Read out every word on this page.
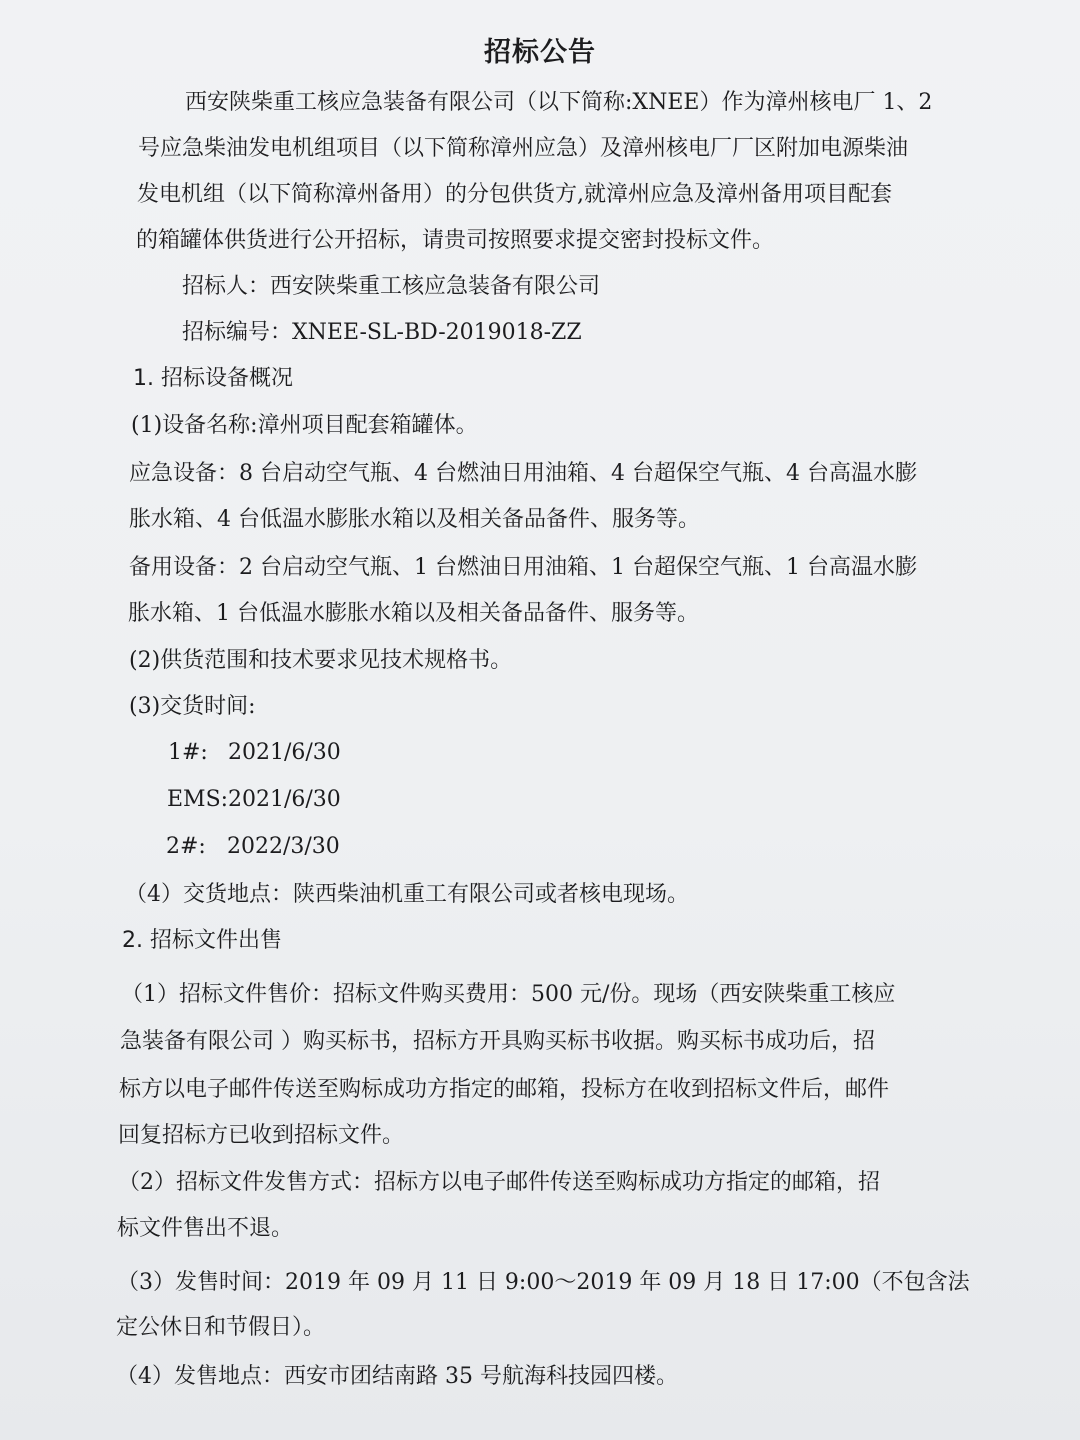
招标公告
西安陕柴重工核应急装备有限公司（以下简称:XNEE）作为漳州核电厂 1、2
号应急柴油发电机组项目（以下简称漳州应急）及漳州核电厂厂区附加电源柴油
发电机组（以下简称漳州备用）的分包供货方,就漳州应急及漳州备用项目配套
的箱罐体供货进行公开招标，请贵司按照要求提交密封投标文件。
招标人：西安陕柴重工核应急装备有限公司
招标编号：XNEE-SL-BD-2019018-ZZ
1. 招标设备概况
(1)设备名称:漳州项目配套箱罐体。
应急设备：8 台启动空气瓶、4 台燃油日用油箱、4 台超保空气瓶、4 台高温水膨
胀水箱、4 台低温水膨胀水箱以及相关备品备件、服务等。
备用设备：2 台启动空气瓶、1 台燃油日用油箱、1 台超保空气瓶、1 台高温水膨
胀水箱、1 台低温水膨胀水箱以及相关备品备件、服务等。
(2)供货范围和技术要求见技术规格书。
(3)交货时间:
1#: 2021/6/30
EMS: 2021/6/30
2#: 2022/3/30
（4）交货地点：陕西柴油机重工有限公司或者核电现场。
2. 招标文件出售
（1）招标文件售价：招标文件购买费用：500 元/份。现场（西安陕柴重工核应
急装备有限公司 ）购买标书，招标方开具购买标书收据。购买标书成功后，招
标方以电子邮件传送至购标成功方指定的邮箱，投标方在收到招标文件后，邮件
回复招标方已收到招标文件。
（2）招标文件发售方式：招标方以电子邮件传送至购标成功方指定的邮箱，招
标文件售出不退。
（3）发售时间：2019 年 09 月 11 日 9:00～2019 年 09 月 18 日 17:00（不包含法
定公休日和节假日）。
（4）发售地点：西安市团结南路 35 号航海科技园四楼。
